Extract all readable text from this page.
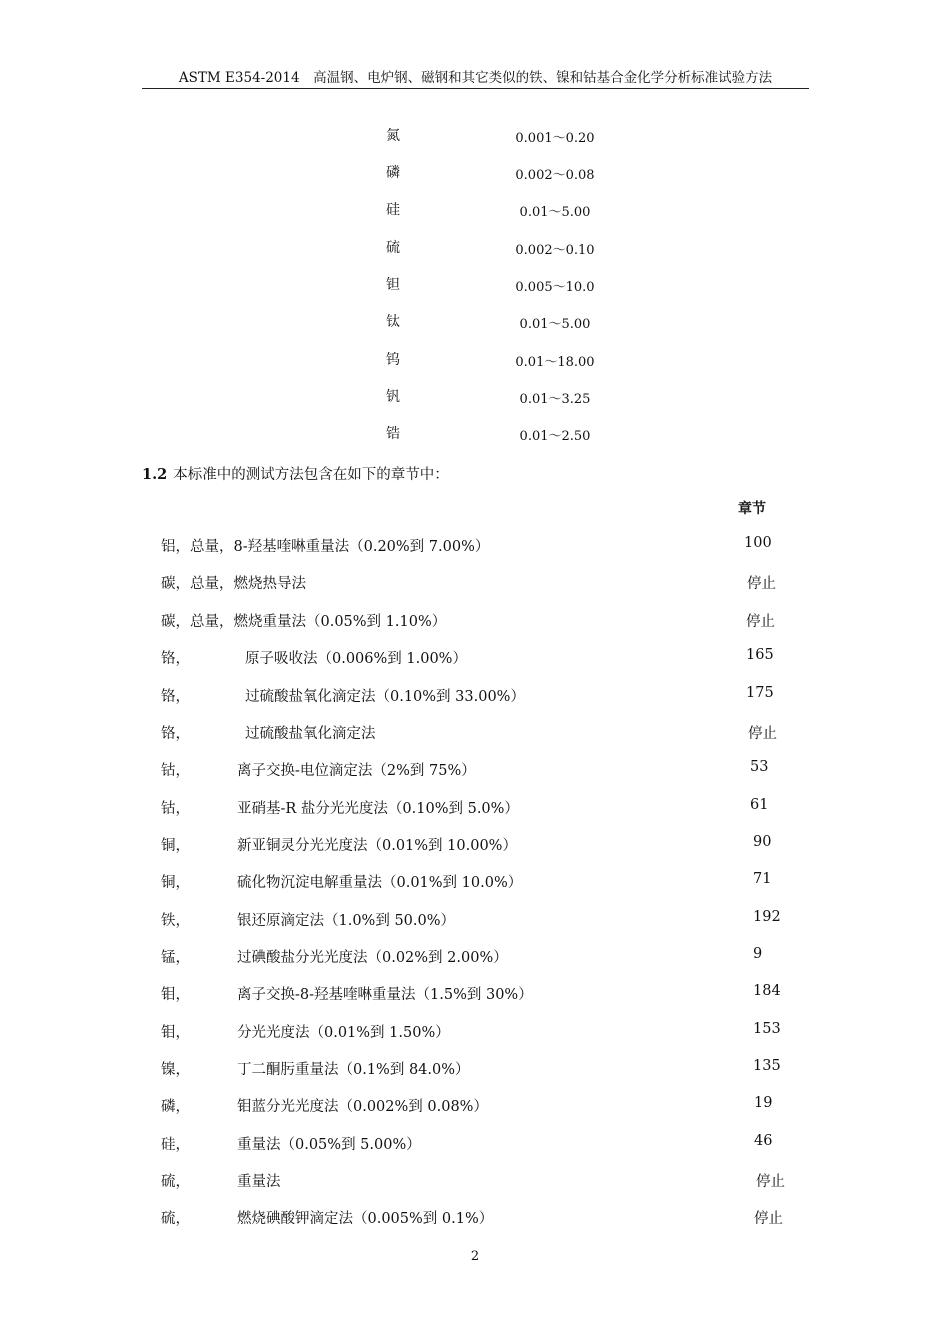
ASTM E354-2014　高温钢、电炉钢、磁钢和其它类似的铁、镍和钴基合金化学分析标准试验方法
氮	0.001～0.20
磷	0.002～0.08
硅	0.01～5.00
硫	0.002～0.10
钽	0.005～10.0
钛	0.01～5.00
钨	0.01～18.00
钒	0.01～3.25
锆	0.01～2.50
1.2 本标准中的测试方法包含在如下的章节中：
章节
铝，总量，8-羟基喹啉重量法（0.20%到 7.00%）	100
碳，总量，燃烧热导法	停止
碳，总量，燃烧重量法（0.05%到 1.10%）	停止
铬，	原子吸收法（0.006%到 1.00%）	165
铬，	过硫酸盐氧化滴定法（0.10%到 33.00%）	175
铬，	过硫酸盐氧化滴定法	停止
钴，	离子交换-电位滴定法（2%到 75%）	53
钴，	亚硝基-R 盐分光光度法（0.10%到 5.0%）	61
铜，	新亚铜灵分光光度法（0.01%到 10.00%）	90
铜，	硫化物沉淀电解重量法（0.01%到 10.0%）	71
铁，	银还原滴定法（1.0%到 50.0%）	192
锰，	过碘酸盐分光光度法（0.02%到 2.00%）	9
钼，	离子交换-8-羟基喹啉重量法（1.5%到 30%）	184
钼，	分光光度法（0.01%到 1.50%）	153
镍，	丁二酮肟重量法（0.1%到 84.0%）	135
磷，	钼蓝分光光度法（0.002%到 0.08%）	19
硅，	重量法（0.05%到 5.00%）	46
硫，	重量法	停止
硫，	燃烧碘酸钾滴定法（0.005%到 0.1%）	停止
2
